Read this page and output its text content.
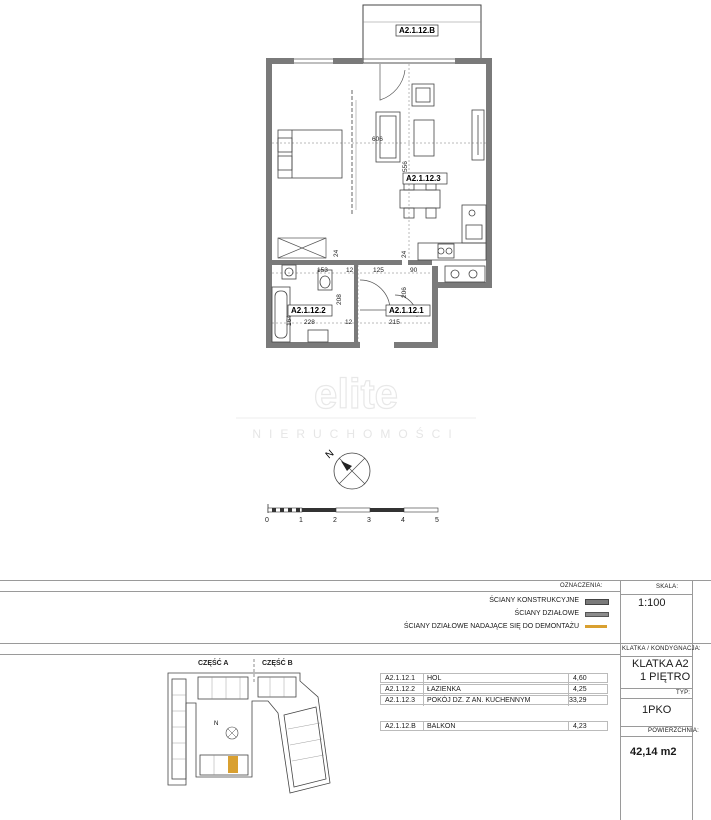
A2.1.12.B
A2.1.12.3
A2.1.12.2	A2.1.12.1
606
556
24	24
153	12	125	90
208
206
164 228	12	215
elite
NIERUCHOMOŚCI
N
0	1	2	3	4	5
OZNACZENIA:
ŚCIANY KONSTRUKCYJNE
ŚCIANY DZIAŁOWE
ŚCIANY DZIAŁOWE NADAJĄCE SIĘ DO DEMONTAŻU
SKALA:
1:100
KLATKA / KONDYGNACJA:
KLATKA A2
1 PIĘTRO
TYP:
1PKO
POWIERZCHNIA:
42,14 m2
CZĘŚĆ A	CZĘŚĆ B
N
A2.1.12.1 HOL	4,60
A2.1.12.2 ŁAZIENKA	4,25
A2.1.12.3 POKÓJ DZ. Z AN. KUCHENNYM	33,29
A2.1.12.B BALKON	4,23
